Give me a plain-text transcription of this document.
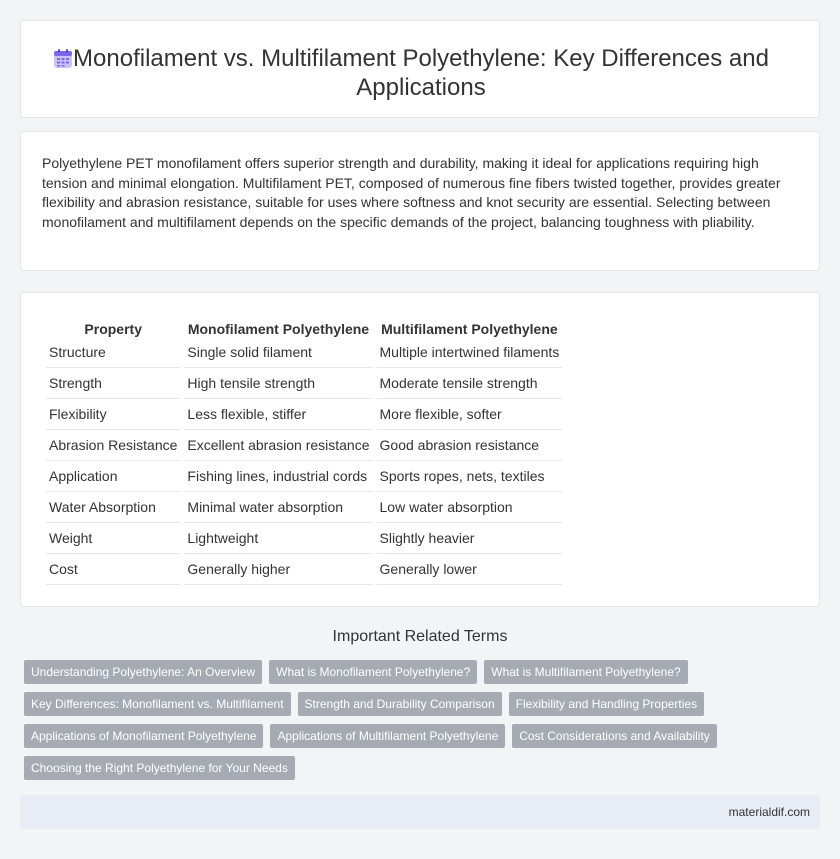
Monofilament vs. Multifilament Polyethylene: Key Differences and Applications

Polyethylene PET monofilament offers superior strength and durability, making it ideal for applications requiring high tension and minimal elongation. Multifilament PET, composed of numerous fine fibers twisted together, provides greater flexibility and abrasion resistance, suitable for uses where softness and knot security are essential. Selecting between monofilament and multifilament depends on the specific demands of the project, balancing toughness with pliability.

Property	Monofilament Polyethylene	Multifilament Polyethylene
Structure	Single solid filament	Multiple intertwined filaments
Strength	High tensile strength	Moderate tensile strength
Flexibility	Less flexible, stiffer	More flexible, softer
Abrasion Resistance	Excellent abrasion resistance	Good abrasion resistance
Application	Fishing lines, industrial cords	Sports ropes, nets, textiles
Water Absorption	Minimal water absorption	Low water absorption
Weight	Lightweight	Slightly heavier
Cost	Generally higher	Generally lower
Important Related Terms
Understanding Polyethylene: An Overview	What is Monofilament Polyethylene?	What is Multifilament Polyethylene?
Key Differences: Monofilament vs. Multifilament	Strength and Durability Comparison	Flexibility and Handling Properties
Applications of Monofilament Polyethylene	Applications of Multifilament Polyethylene	Cost Considerations and Availability
Choosing the Right Polyethylene for Your Needs
materialdif.com
